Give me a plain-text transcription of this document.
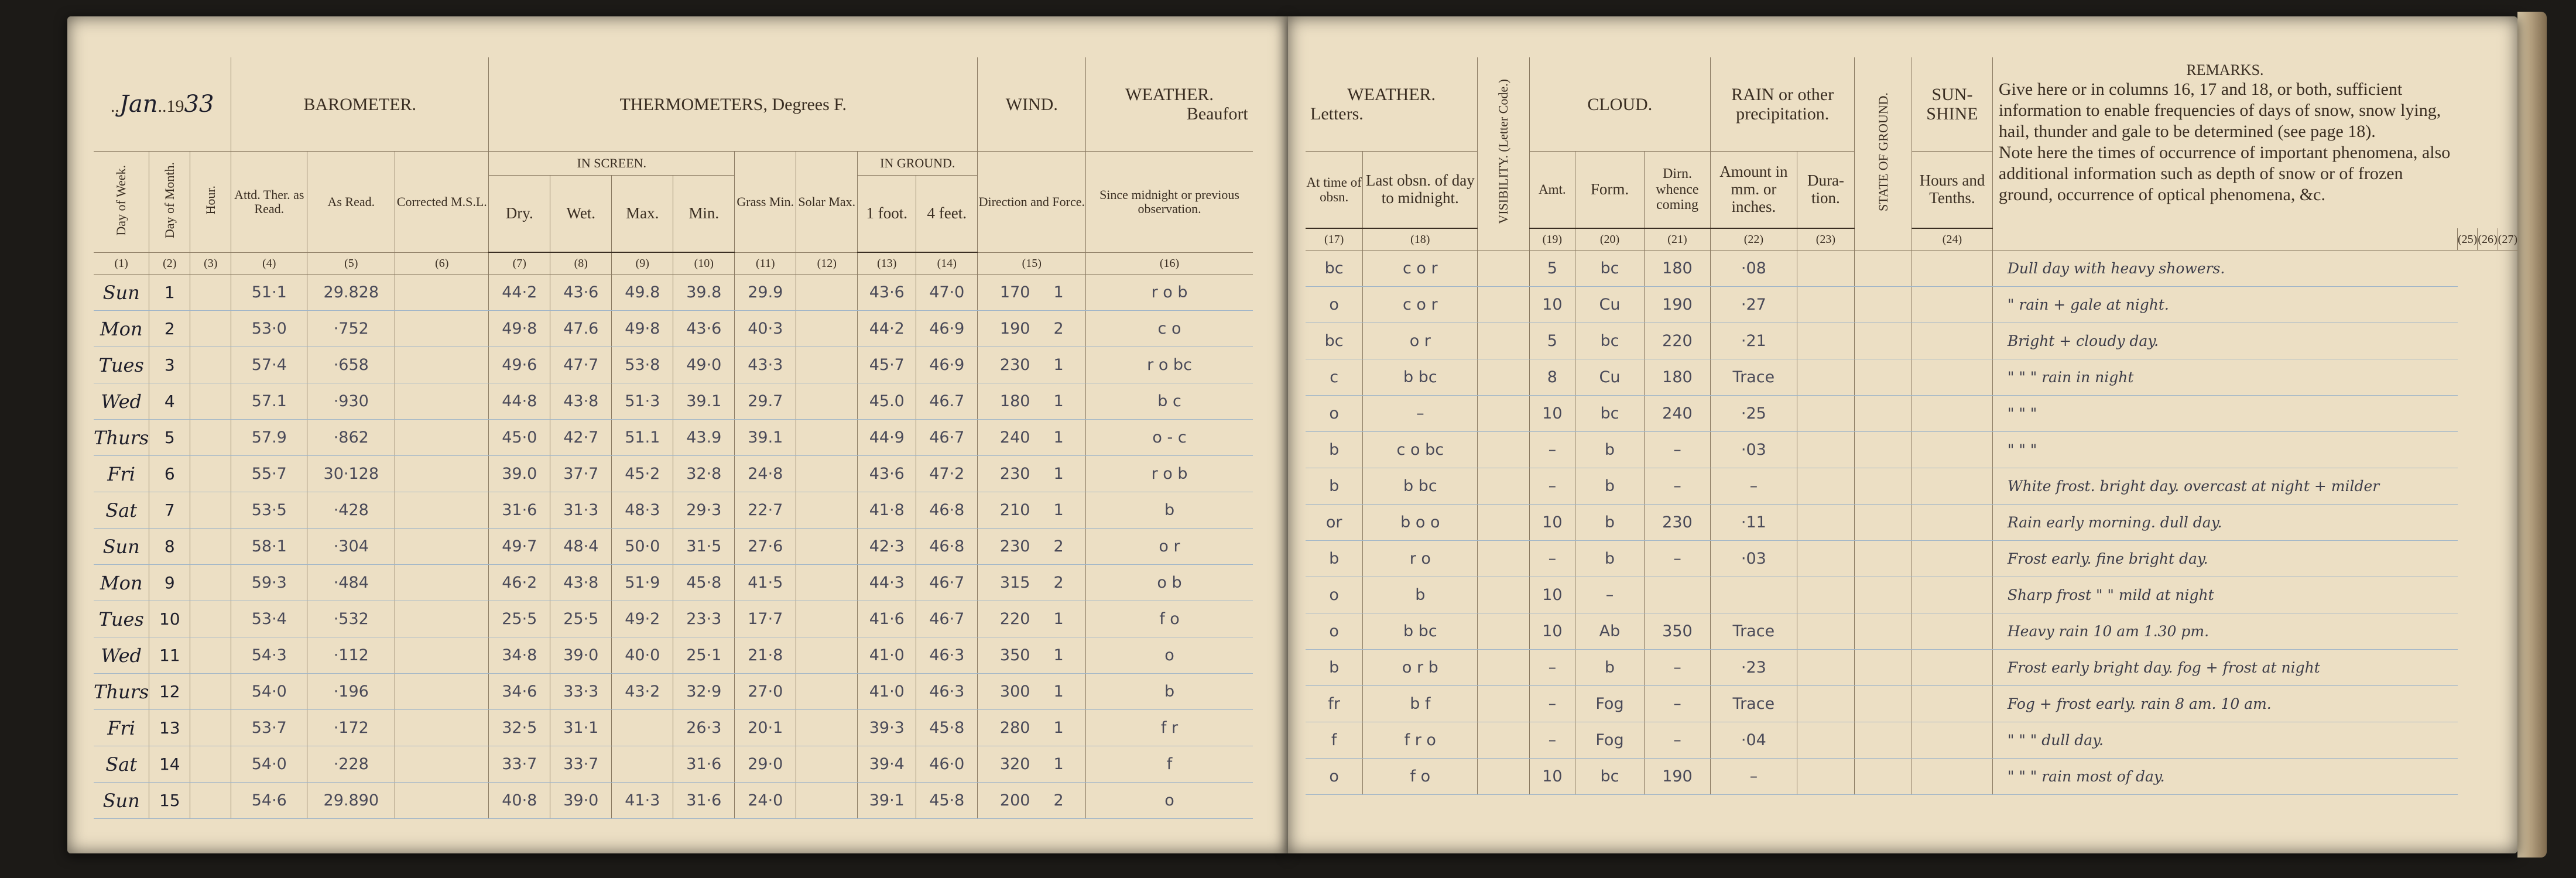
..Jan..1933			BAROMETER.			THERMOMETERS, Degrees F.								WIND.	WEATHER.

Beaufort

Day of Week.	Day of Month.	Hour.	Attd. Ther. as Read.	As Read.	Corrected M.S.L.	IN SCREEN.				Grass Min.	Solar Max.	IN GROUND.		Direction and Force.	Since midnight or previous observation.
						Dry.	Wet.	Max.	Min.			1 foot.	4 feet.		
(1)	(2)	(3)	(4)	(5)	(6)	(7)	(8)	(9)	(10)	(11)	(12)	(13)	(14)	(15)	(16)
Sun	1		51·1	29.828		44·2	43·6	49.8	39.8	29.9		43·6	47·0	170 1	r o b
Mon	2		53·0	·752		49·8	47.6	49·8	43·6	40·3		44·2	46·9	190 2	c o
Tues	3		57·4	·658		49·6	47·7	53·8	49·0	43·3		45·7	46·9	230 1	r o bc
Wed	4		57.1	·930		44·8	43·8	51·3	39.1	29.7		45.0	46.7	180 1	b c
Thurs	5		57.9	·862		45·0	42·7	51.1	43.9	39.1		44·9	46·7	240 1	o - c
Fri	6		55·7	30·128		39.0	37·7	45·2	32·8	24·8		43·6	47·2	230 1	r o b
Sat	7		53·5	·428		31·6	31·3	48·3	29·3	22·7		41·8	46·8	210 1	b
Sun	8		58·1	·304		49·7	48·4	50·0	31·5	27·6		42·3	46·8	230 2	o r
Mon	9		59·3	·484		46·2	43·8	51·9	45·8	41·5		44·3	46·7	315 2	o b
Tues	10		53·4	·532		25·5	25·5	49·2	23·3	17·7		41·6	46·7	220 1	f o
Wed	11		54·3	·112		34·8	39·0	40·0	25·1	21·8		41·0	46·3	350 1	o
Thurs	12		54·0	·196		34·6	33·3	43·2	32·9	27·0		41·0	46·3	300 1	b
Fri	13		53·7	·172		32·5	31·1		26·3	20·1		39·3	45·8	280 1	f r
Sat	14		54·0	·228		33·7	33·7		31·6	29·0		39·4	46·0	320 1	f
Sun	15		54·6	29.890		40·8	39·0	41·3	31·6	24·0		39·1	45·8	200 2	o
WEATHER.

Letters.		VISIBILITY. (Letter Code.)	CLOUD.			RAIN or other precipitation.		STATE OF GROUND.	SUN-SHINE	REMARKS.
Give here or in columns 16, 17 and 18, or both, sufficient information to enable frequencies of days of snow, snow lying, hail, thunder and gale to be determined (see page 18).
Note here the times of occurrence of important phenomena, also additional information such as depth of snow or of frozen ground, occurrence of optical phenomena, &c.			
At time of obsn.	Last obsn. of day to midnight.		Amt.	Form.	Dirn. whence coming	Amount in mm. or inches.	Dura-tion.		Hours and Tenths.				
(17)	(18)		(19)	(20)	(21)	(22)	(23)		(24)		(25)	(26)	(27)
bc	c o r		5	bc	180	·08				Dull day with heavy showers.			
o	c o r		10	Cu	190	·27				" rain + gale at night.			
bc	o r		5	bc	220	·21				Bright + cloudy day.			
c	b bc		8	Cu	180	Trace				" " " rain in night			
o	–		10	bc	240	·25				" " "			
b	c o bc		–	b	–	·03				" " "			
b	b bc		–	b	–	–				White frost. bright day. overcast at night + milder			
or	b o o		10	b	230	·11				Rain early morning. dull day.			
b	r o		–	b	–	·03				Frost early. fine bright day.			
o	b		10	–						Sharp frost " " mild at night			
o	b bc		10	Ab	350	Trace				Heavy rain 10 am 1.30 pm.			
b	o r b		–	b	–	·23				Frost early bright day. fog + frost at night			
fr	b f		–	Fog	–	Trace				Fog + frost early. rain 8 am. 10 am.			
f	f r o		–	Fog	–	·04				" " " dull day.			
o	f o		10	bc	190	–				" " " rain most of day.			
